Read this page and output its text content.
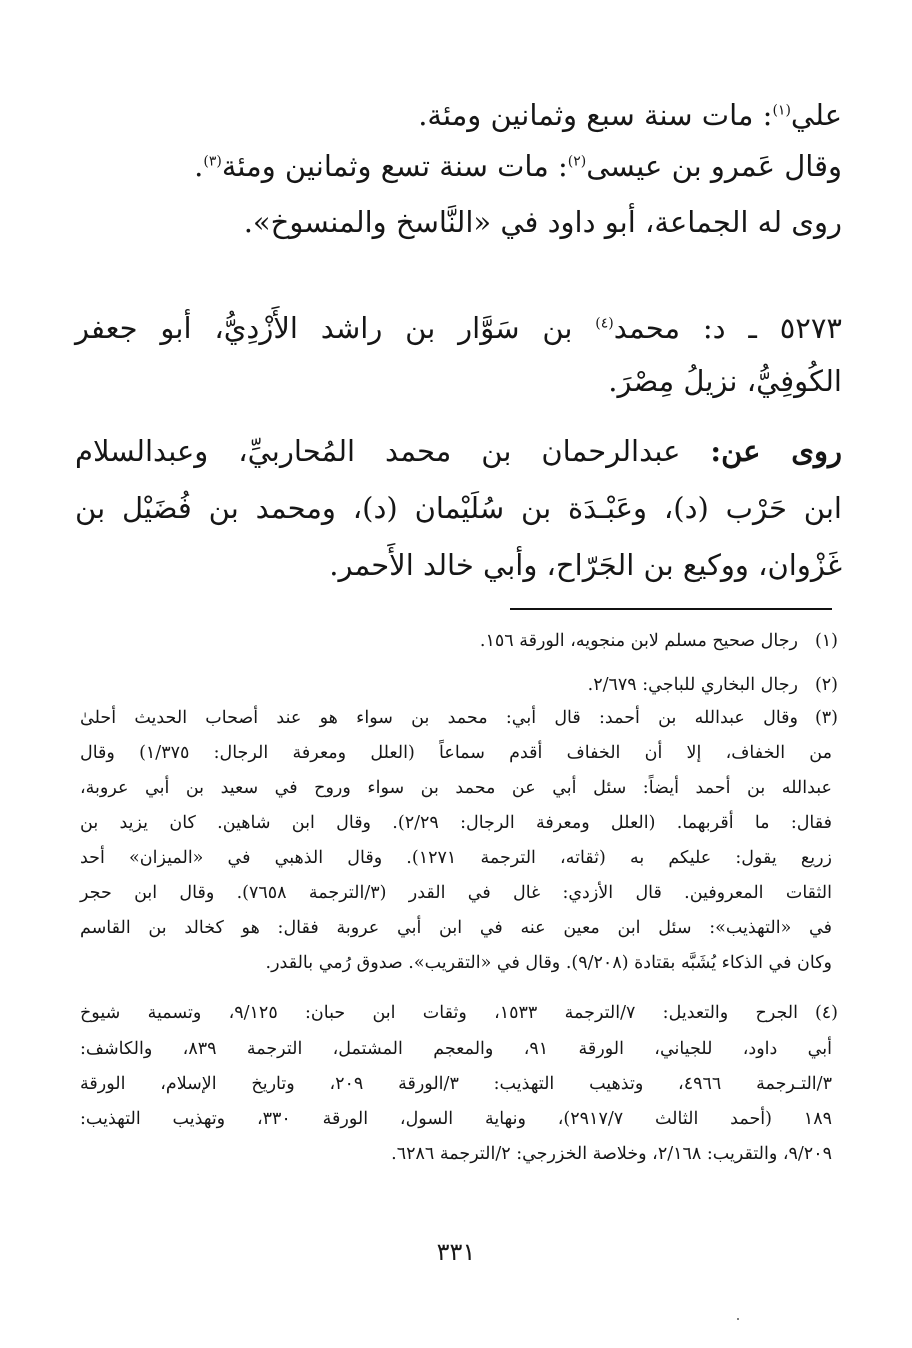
علي$^{(١)}$: مات سنة سبع وثمانين ومئة.
وقال عَمرو بن عيسى$^{(٢)}$: مات سنة تسع وثمانين ومئة$^{(٣)}$.
روى له الجماعة، أبو داود في «النَّاسخ والمنسوخ».
٥٢٧٣ ـ د: محمد$^{(٤)}$ بن سَوَّار بن راشد الأَزْدِيُّ، أبو جعفر
الكُوفِيُّ، نزيلُ مِصْرَ.
روى عن: عبدالرحمان بن محمد المُحاربيِّ، وعبدالسلام
ابن حَرْب (د)، وعَبْـدَة بن سُلَيْمان (د)، ومحمد بن فُضَيْل بن
غَزْوان، ووكيع بن الجَرّاح، وأبي خالد الأَحمر.
(١)
رجال صحيح مسلم لابن منجويه، الورقة ١٥٦.
(٢)
رجال البخاري للباجي: ٢/٦٧٩.
(٣)
وقال عبدالله بن أحمد: قال أبي: محمد بن سواء هو عند أصحاب الحديث أحلىٰ
من الخفاف، إلا أن الخفاف أقدم سماعاً (العلل ومعرفة الرجال: ١/٣٧٥) وقال
عبدالله بن أحمد أيضاً: سئل أبي عن محمد بن سواء وروح في سعيد بن أبي عروبة،
فقال: ما أقربهما. (العلل ومعرفة الرجال: ٢/٢٩). وقال ابن شاهين. كان يزيد بن
زريع يقول: عليكم به (ثقاته، الترجمة ١٢٧١). وقال الذهبي في «الميزان» أحد
الثقات المعروفين. قال الأزدي: غال في القدر (٣/الترجمة ٧٦٥٨). وقال ابن حجر
في «التهذيب»: سئل ابن معين عنه في ابن أبي عروبة فقال: هو كخالد بن القاسم
وكان في الذكاء يُشَبَّه بقتادة (٩/٢٠٨). وقال في «التقريب». صدوق رُمي بالقدر.
(٤)
الجرح والتعديل: ٧/الترجمة ١٥٣٣، وثقات ابن حبان: ٩/١٢٥، وتسمية شيوخ
أبي داود، للجياني، الورقة ٩١، والمعجم المشتمل، الترجمة ٨٣٩، والكاشف:
٣/التـرجمة ٤٩٦٦، وتذهيب التهذيب: ٣/الورقة ٢٠٩، وتاريخ الإسلام، الورقة
١٨٩ (أحمد الثالث ٢٩١٧/٧)، ونهاية السول، الورقة ٣٣٠، وتهذيب التهذيب:
٩/٢٠٩، والتقريب: ٢/١٦٨، وخلاصة الخزرجي: ٢/الترجمة ٦٢٨٦.
٣٣١
